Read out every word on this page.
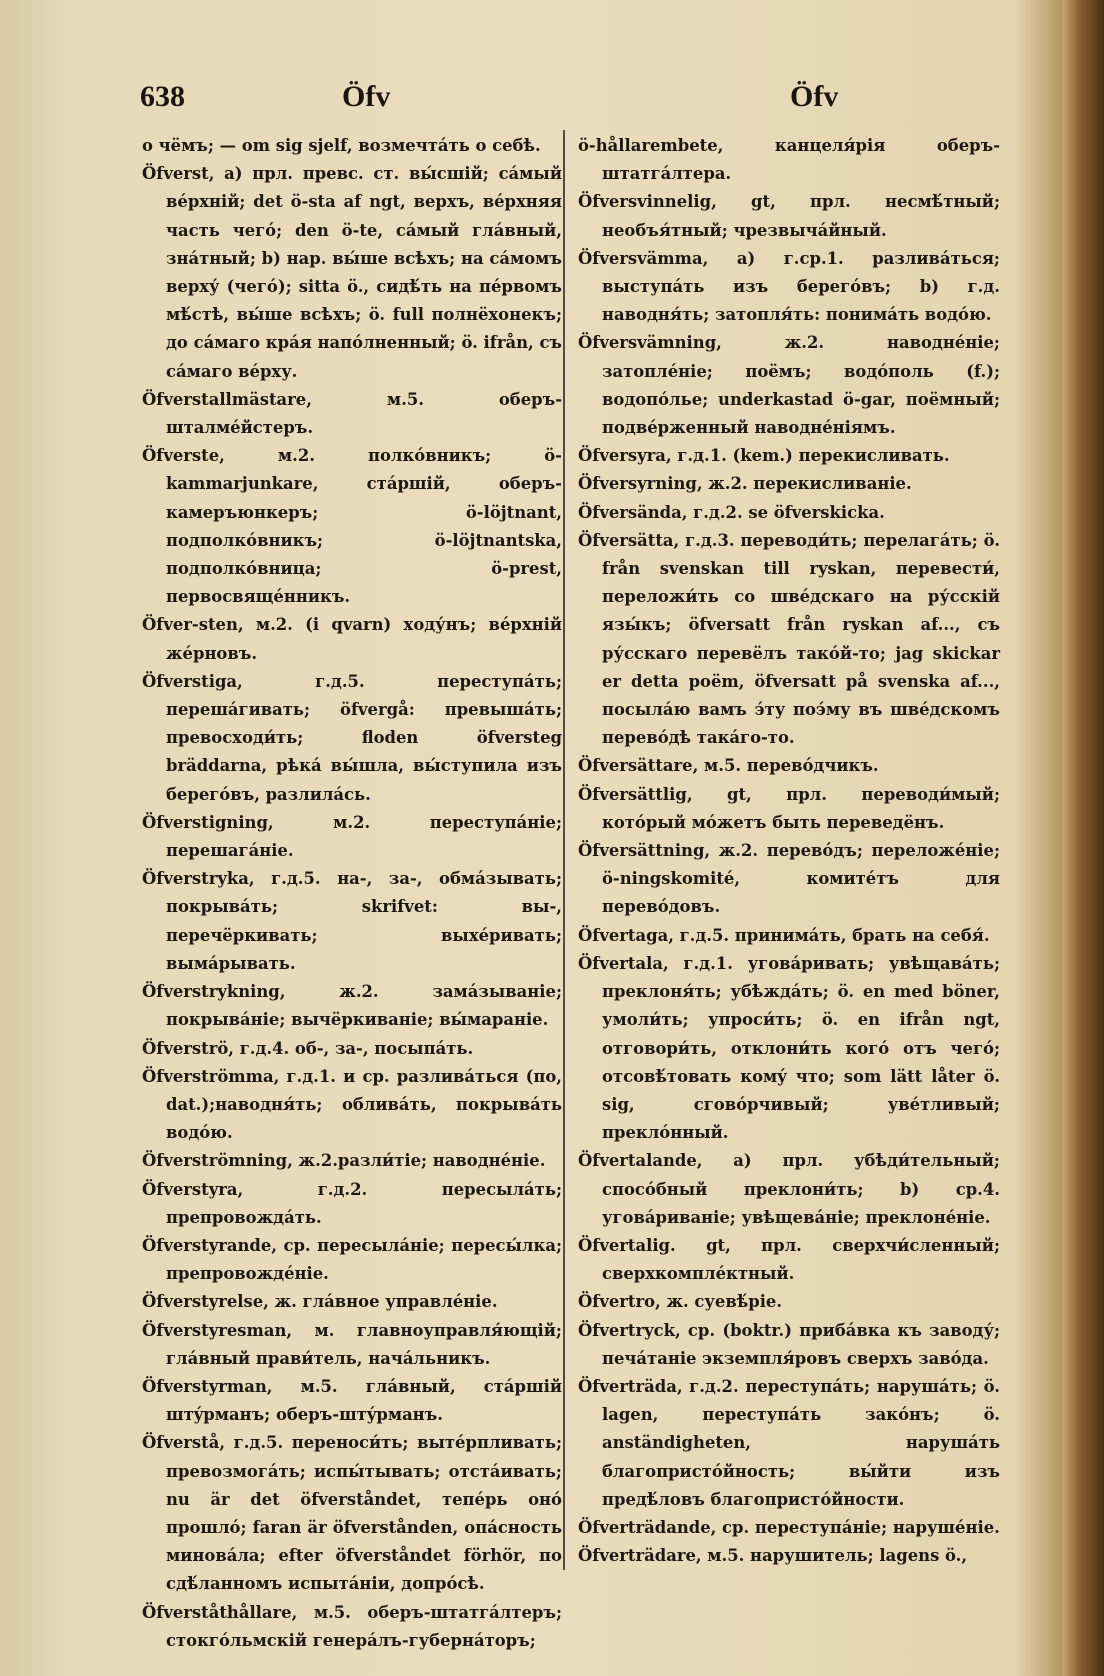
638	Öfv	Öfv

о чёмъ; — om sig sjelf, возмечтáть о себѣ.

Öfverst, a) прл. превс. ст. вы́сшій; сáмый вéрхній; det ö-sta af ngt, верхъ, вéрхняя часть чегó; den ö-te, сáмый глáвный, знáтный; b) нар. вы́ше всѣхъ; на сáмомъ верху́ (чегó); sitta ö., сидѣ́ть на пéрвомъ мѣ́стѣ, вы́ше всѣхъ; ö. full полнёхонекъ; до сáмаго крáя напóлненный; ö. ifrån, съ сáмаго вéрху.

Öfverstallmästare, м.5. оберъ-шталмéйстеръ.

Öfverste, м.2. полкóвникъ; ö-kammarjunkare, стáршій, оберъ-камеръюнкеръ; ö-löjtnant, подполкóвникъ; ö-löjtnantska, подполкóвница; ö-prest, первосвящéнникъ.

Öfver-sten, м.2. (i qvarn) ходу́нъ; вéрхній жéрновъ.

Öfverstiga, г.д.5. переступáть; перешáгивать; öfvergå: превышáть; превосходи́ть; floden öfversteg bräddarna, рѣкá вы́шла, вы́ступила изъ берегóвъ, разлилáсь.

Öfverstigning, м.2. переступáніе; перешагáніе.

Öfverstryka, г.д.5. на-, за-, обмáзывать; покрывáть; skrifvet: вы-, перечёркивать; выхéривать; вымáрывать.

Öfverstrykning, ж.2. замáзываніе; покрывáніе; вычёркиваніе; вы́мараніе.

Öfverströ, г.д.4. об-, за-, посыпáть.

Öfverströmma, г.д.1. и ср. разливáться (по, dat.);наводня́ть; обливáть, покрывáть водóю.

Öfverströmning, ж.2.разли́тіе; наводнéніе.

Öfverstyra, г.д.2. пересылáть; препровождáть.

Öfverstyrande, ср. пересылáніе; пересы́лка; препровождéніе.

Öfverstyrelse, ж. глáвное управлéніе.

Öfverstyresman, м. главноуправля́ющій; глáвный прави́тель, начáльникъ.

Öfverstyrman, м.5. глáвный, стáршій штýрманъ; оберъ-штýрманъ.

Öfverstå, г.д.5. переноси́ть; вытéрпливать; превозмогáть; испы́тывать; отстáивать; nu är det öfverståndet, тепéрь онó прошлó; faran är öfverstånden, опáсность миновáла; efter öfverståndet förhör, по сдѣ́ланномъ испытáніи, допрóсѣ.

Öfverståthållare, м.5. оберъ-штатгáлтеръ; стокгóльмскій генерáлъ-губернáторъ;

ö-hållarembete, канцеля́рія оберъ-штатгáлтера.

Öfversvinnelig, gt, прл. несмѣ́тный; необъя́тный; чрезвычáйный.

Öfversvämma, a) г.ср.1. разливáться; выступáть изъ берегóвъ; b) г.д. наводня́ть; затопля́ть: понимáть водóю.

Öfversvämning, ж.2. наводнéніе; затоплéніе; поёмъ; водóполь (f.); водопóлье; underkastad ö-gar, поёмный; подвéрженный наводнéніямъ.

Öfversyra, г.д.1. (kem.) перекисливать.

Öfversyrning, ж.2. перекисливаніе.

Öfversända, г.д.2. se öfverskicka.

Öfversätta, г.д.3. переводи́ть; перелагáть; ö. från svenskan till ryskan, перевести́, переложи́ть со швéдскаго на ру́сскій язы́къ; öfversatt från ryskan af..., съ ру́сскаго перевёлъ такóй-то; jag skickar er detta poëm, öfversatt på svenska af..., посылáю вамъ э́ту поэ́му въ швéдскомъ перевóдѣ такáго-то.

Öfversättare, м.5. перевóдчикъ.

Öfversättlig, gt, прл. переводи́мый; котóрый мóжетъ быть переведёнъ.

Öfversättning, ж.2. перевóдъ; переложéніе; ö-ningskomité, комитéтъ для перевóдовъ.

Öfvertaga, г.д.5. принимáть, брать на себя́.

Öfvertala, г.д.1. уговáривать; увѣщавáть; преклоня́ть; убѣждáть; ö. en med böner, умоли́ть; упроси́ть; ö. en ifrån ngt, отговори́ть, отклони́ть когó отъ чегó; отсовѣ́товать комý что; som lätt låter ö. sig, сговóрчивый; уве́тливый; преклóнный.

Öfvertalande, a) прл. убѣди́тельный; спосóбный преклони́ть; b) ср.4. уговáриваніе; увѣщевáніе; преклонéніе.

Öfvertalig. gt, прл. сверхчи́сленный; сверхкомплéктный.

Öfvertro, ж. суевѣ́ріе.

Öfvertryck, ср. (boktr.) прибáвка къ заводу́; печáтаніе экземпля́ровъ сверхъ завóда.

Öfverträda, г.д.2. переступáть; нарушáть; ö. lagen, переступáть закóнъ; ö. anständigheten, нарушáть благопристóйность; вы́йти изъ предѣ́ловъ благопристóйности.

Öfverträdande, ср. переступáніе; нарушéніе.

Öfverträdare, м.5. нарушитель; lagens ö.,
